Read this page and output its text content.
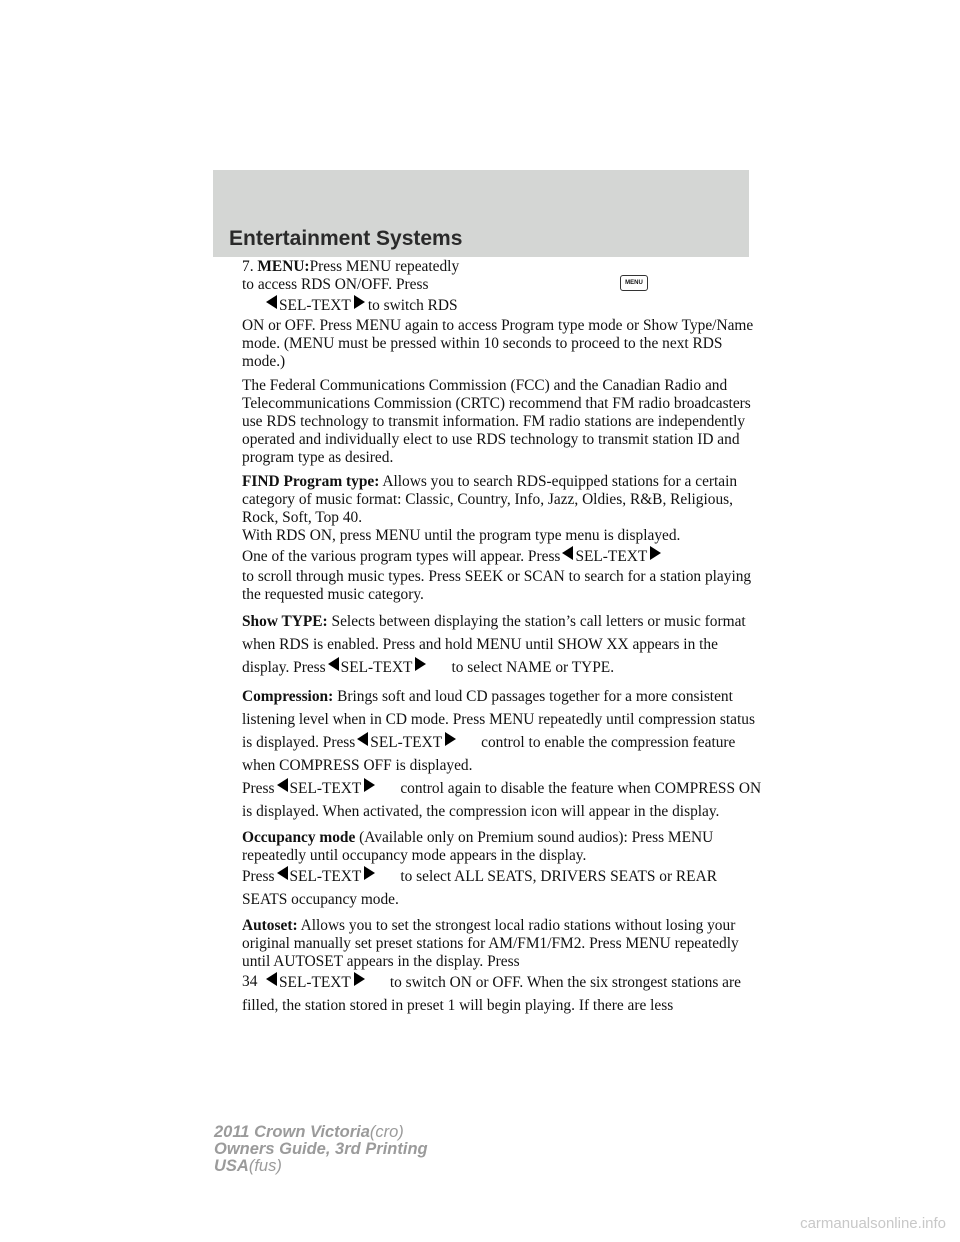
Entertainment Systems
MENU

7. MENU:Press MENU repeatedly
to access RDS ON/OFF. Press
SEL-TEXT to switch RDS
ON or OFF. Press MENU again to access Program type mode or Show Type/Name mode. (MENU must be pressed within 10 seconds to proceed to the next RDS mode.)

The Federal Communications Commission (FCC) and the Canadian Radio and Telecommunications Commission (CRTC) recommend that FM radio broadcasters use RDS technology to transmit information. FM radio stations are independently operated and individually elect to use RDS technology to transmit station ID and program type as desired.

FIND Program type: Allows you to search RDS-equipped stations for a certain category of music format: Classic, Country, Info, Jazz, Oldies, R&B, Religious, Rock, Soft, Top 40.
With RDS ON, press MENU until the program type menu is displayed.
One of the various program types will appear. Press SEL-TEXT
to scroll through music types. Press SEEK or SCAN to search for a station playing the requested music category.

Show TYPE: Selects between displaying the station’s call letters or music format when RDS is enabled. Press and hold MENU until SHOW XX appears in the display. Press SEL-TEXT	to select NAME or TYPE.

Compression: Brings soft and loud CD passages together for a more consistent listening level when in CD mode. Press MENU repeatedly until compression status is displayed. Press SEL-TEXT	control to enable the compression feature when COMPRESS OFF is displayed.
Press SEL-TEXT	control again to disable the feature when COMPRESS ON is displayed. When activated, the compression icon will appear in the display.

Occupancy mode (Available only on Premium sound audios): Press MENU repeatedly until occupancy mode appears in the display.
Press SEL-TEXT	to select ALL SEATS, DRIVERS SEATS or REAR SEATS occupancy mode.

Autoset: Allows you to set the strongest local radio stations without losing your original manually set preset stations for AM/FM1/FM2. Press MENU repeatedly until AUTOSET appears in the display. Press
SEL-TEXT	to switch ON or OFF. When the six strongest stations are filled, the station stored in preset 1 will begin playing. If there are less

34
2011 Crown Victoria(cro)
Owners Guide, 3rd Printing
USA(fus)
carmanualsonline.info
